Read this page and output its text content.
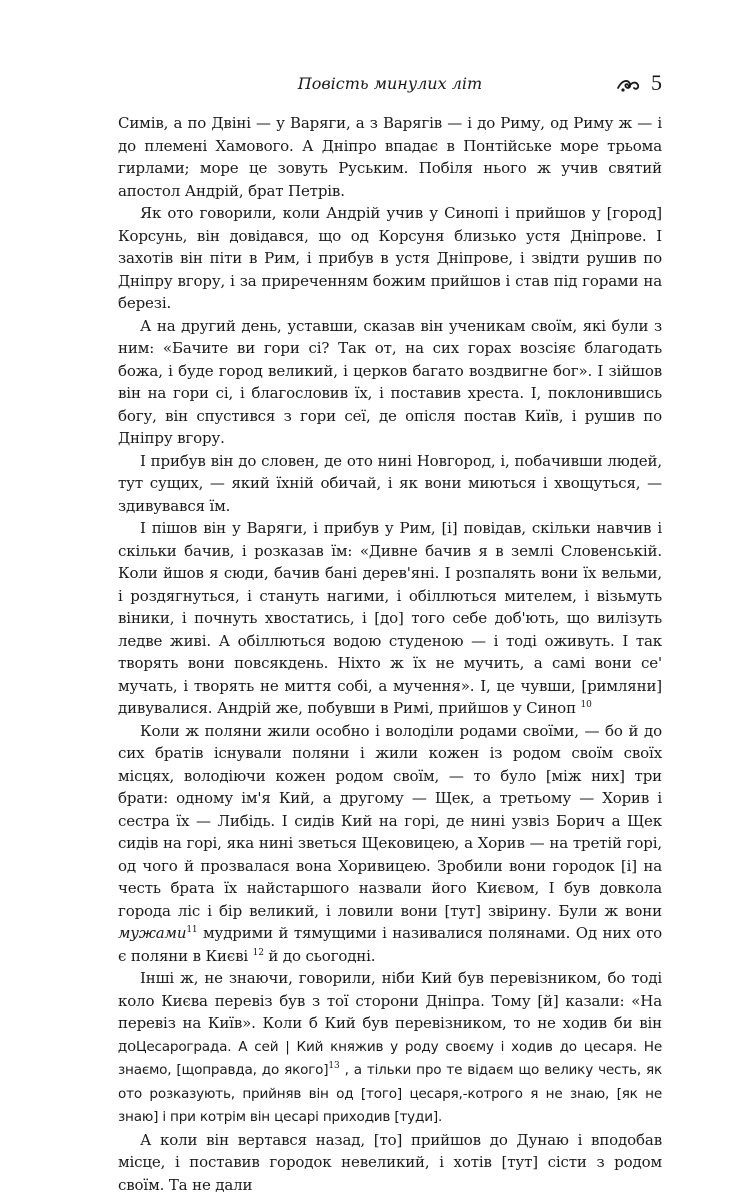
Повість минулих літ	5

Симів, а по Двіні — у Варяги, а з Варягів — і до Риму, од Риму ж — і до племені Хамового. А Дніпро впадає в Понтійське море трьома гирлами; море це зовуть Руським. Побіля нього ж учив святий апостол Андрій, брат Петрів.

Як ото говорили, коли Андрій учив у Синопі і прийшов у [город] Корсунь, він довідався, що од Корсуня близько устя Дніпрове. І захотів він піти в Рим, і прибув в устя Дніпрове, і звідти рушив по Дніпру вгору, і за приреченням божим прийшов і став під горами на березі.

А на другий день, уставши, сказав він ученикам своїм, які були з ним: «Бачите ви гори сі? Так от, на сих горах возсіяє благодать божа, і буде город великий, і церков багато воздвигне бог». І зійшов він на гори сі, і благословив їх, і поставив хреста. І, поклонившись богу, він спустився з гори сеї, де опісля постав Київ, і рушив по Дніпру вгору.

І прибув він до словен, де ото нині Новгород, і, побачивши людей, тут сущих, — який їхній обичай, і як вони миються і хвощуться, — здивувався їм.

І пішов він у Варяги, і прибув у Рим, [і] повідав, скільки навчив і скільки бачив, і розказав їм: «Дивне бачив я в землі Словенській. Коли йшов я сюди, бачив бані дерев'яні. І розпалять вони їх вельми, і роздягнуться, і стануть нагими, і обіллються мителем, і візьмуть віники, і почнуть хвостатись, і [до] того себе доб'ють, що вилізуть ледве живі. А обіллються водою студеною — і тоді оживуть. І так творять вони повсякдень. Ніхто ж їх не мучить, а самі вони се' мучать, і творять не миття собі, а мучення». І, це чувши, [римляни] дивувалися. Андрій же, побувши в Римі, прийшов у Синоп $^{10}$

Коли ж поляни жили особно і володіли родами своїми, — бо й до сих братів існували поляни і жили кожен із родом своїм своїх місцях, володіючи кожен родом своїм, — то було [між них] три брати: одному ім'я Кий, а другому — Щек, а третьому — Хорив і сестра їх — Либідь. І сидів Кий на горі, де нині узвіз Борич а Щек сидів на горі, яка нині зветься Щековицею, а Хорив — на третій горі, од чого й прозвалася вона Хоривицею. Зробили вони городок [і] на честь брата їх найстаршого назвали його Києвом, І був довкола города ліс і бір великий, і ловили вони [тут] звірину. Були ж вони мужами$^{11}$ мудрими й тямущими і називалися полянами. Од них ото є поляни в Києві $^{12}$ й до сьогодні.

Інші ж, не знаючи, говорили, ніби Кий був перевізником, бо тоді коло Києва перевіз був з тої сторони Дніпра. Тому [й] казали: «На перевіз на Київ». Коли б Кий був перевізником, то не ходив би він доЦесарограда. А сей | Кий княжив у роду своєму і ходив до цесаря. Не знаємо, [щоправда, до якого]$^{13}$ , а тільки про те відаєм що велику честь, як ото розказують, прийняв він од [того] цесаря,-котрого я не знаю, [як не знаю] і при котрім він цесарі приходив [туди].

А коли він вертався назад, [то] прийшов до Дунаю і вподобав місце, і поставив городок невеликий, і хотів [тут] сісти з родом своїм. Та не дали
